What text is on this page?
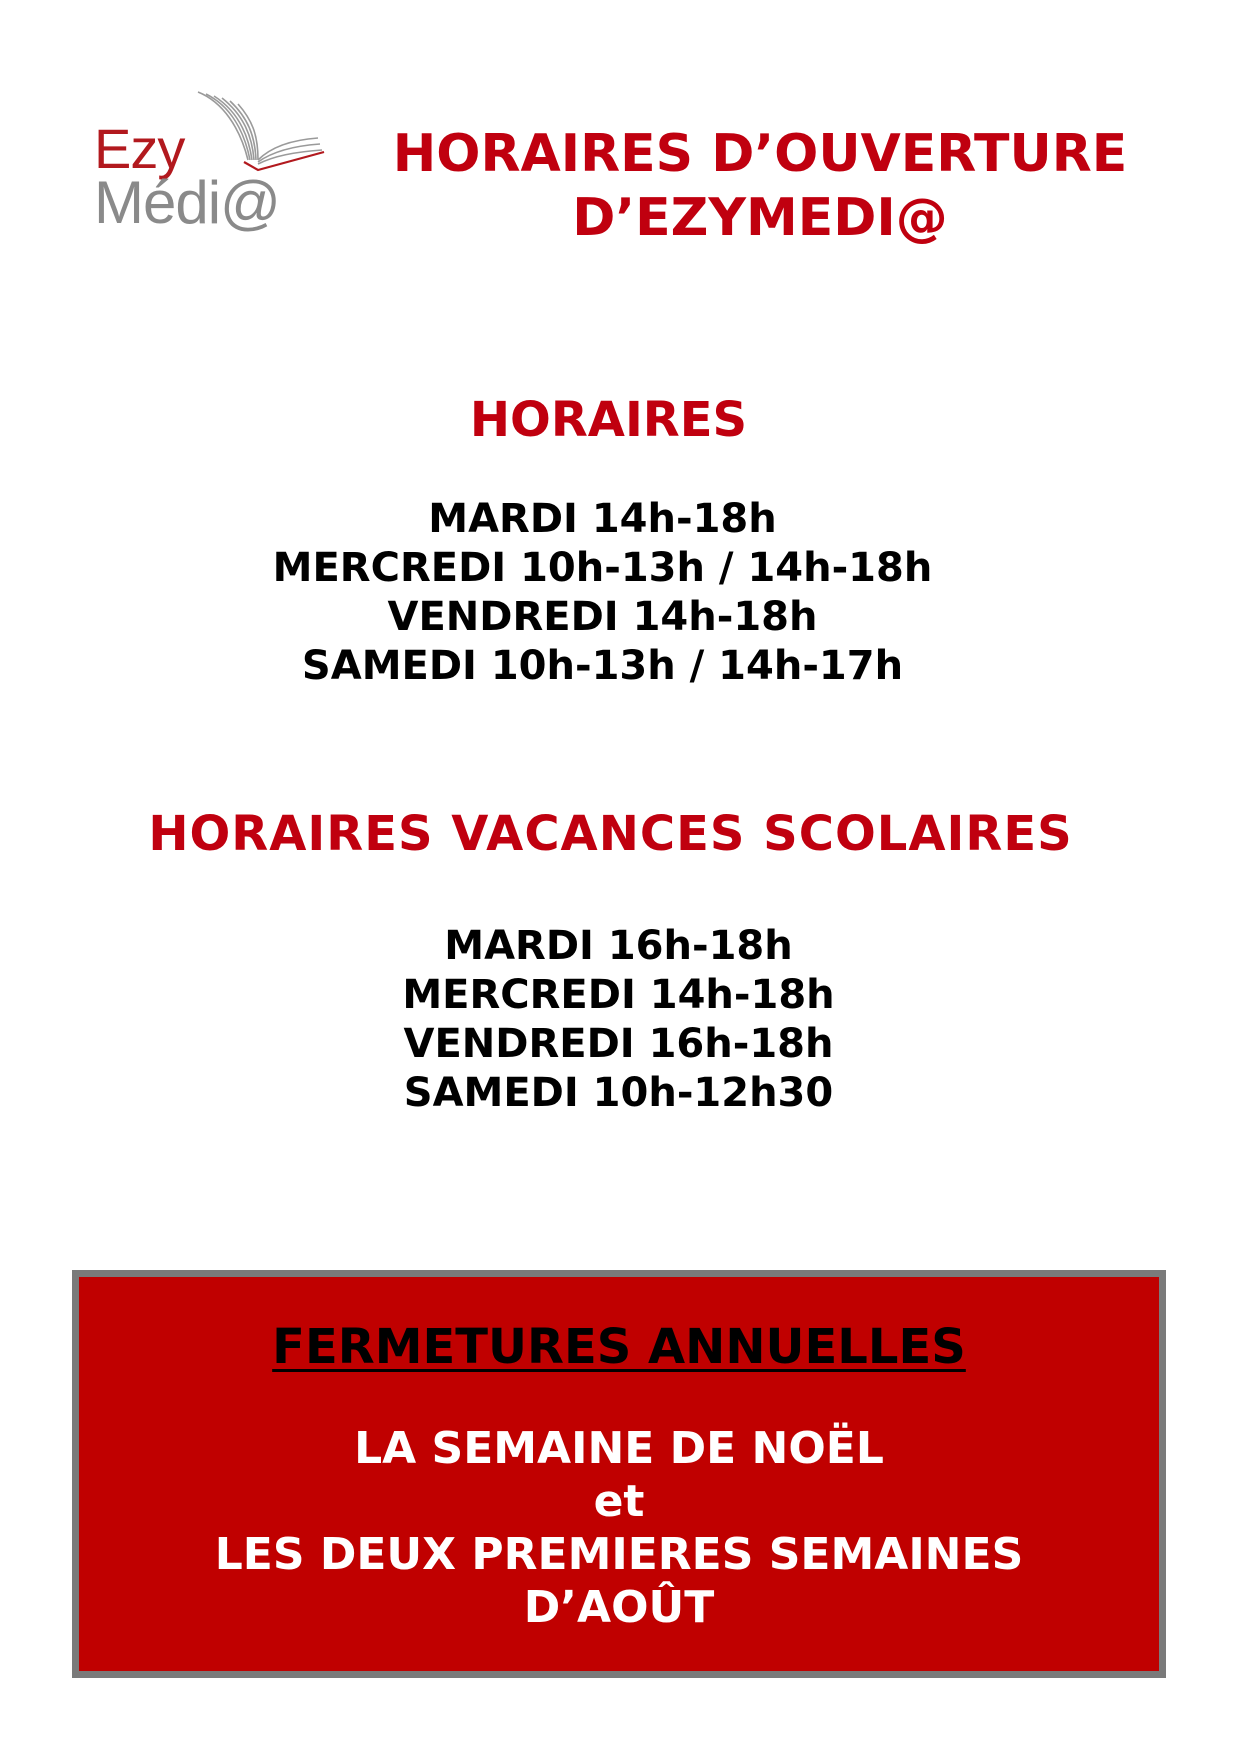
Ezy
Médi@
HORAIRES D’OUVERTURE
D’EZYMEDI@
HORAIRES
MARDI 14h-18h
MERCREDI 10h-13h / 14h-18h
VENDREDI 14h-18h
SAMEDI 10h-13h / 14h-17h
HORAIRES VACANCES SCOLAIRES
MARDI 16h-18h
MERCREDI 14h-18h
VENDREDI 16h-18h
SAMEDI 10h-12h30
FERMETURES ANNUELLES
LA SEMAINE DE NOËL
et
LES DEUX PREMIERES SEMAINES
D’AOÛT
